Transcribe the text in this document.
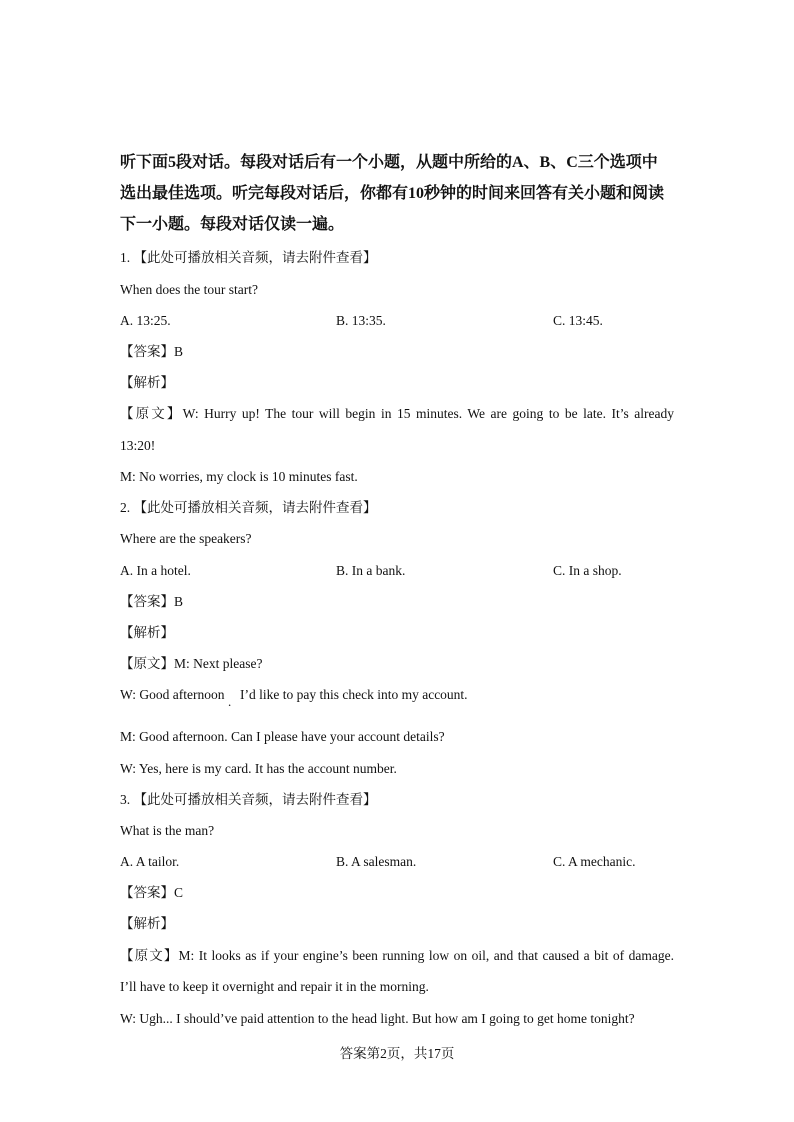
听下面5段对话。每段对话后有一个小题，从题中所给的A、B、C三个选项中
选出最佳选项。听完每段对话后，你都有10秒钟的时间来回答有关小题和阅读
下一小题。每段对话仅读一遍。
1. 【此处可播放相关音频，请去附件查看】
When does the tour start?
A. 13:25.	B. 13:35.	C. 13:45.
【答案】B
【解析】
【原文】W: Hurry up! The tour will begin in 15 minutes. We are going to be late. It’s already
13:20!
M: No worries, my clock is 10 minutes fast.
2. 【此处可播放相关音频，请去附件查看】
Where are the speakers?
A. In a hotel.	B. In a bank.	C. In a shop.
【答案】B
【解析】
【原文】M: Next please?
W: Good afternoon . I’d like to pay this check into my account.
M: Good afternoon. Can I please have your account details?
W: Yes, here is my card. It has the account number.
3. 【此处可播放相关音频，请去附件查看】
What is the man?
A. A tailor.	B. A salesman.	C. A mechanic.
【答案】C
【解析】
【原文】M: It looks as if your engine’s been running low on oil, and that caused a bit of damage.
I’ll have to keep it overnight and repair it in the morning.
W: Ugh... I should’ve paid attention to the head light. But how am I going to get home tonight?
答案第2页，共17页
